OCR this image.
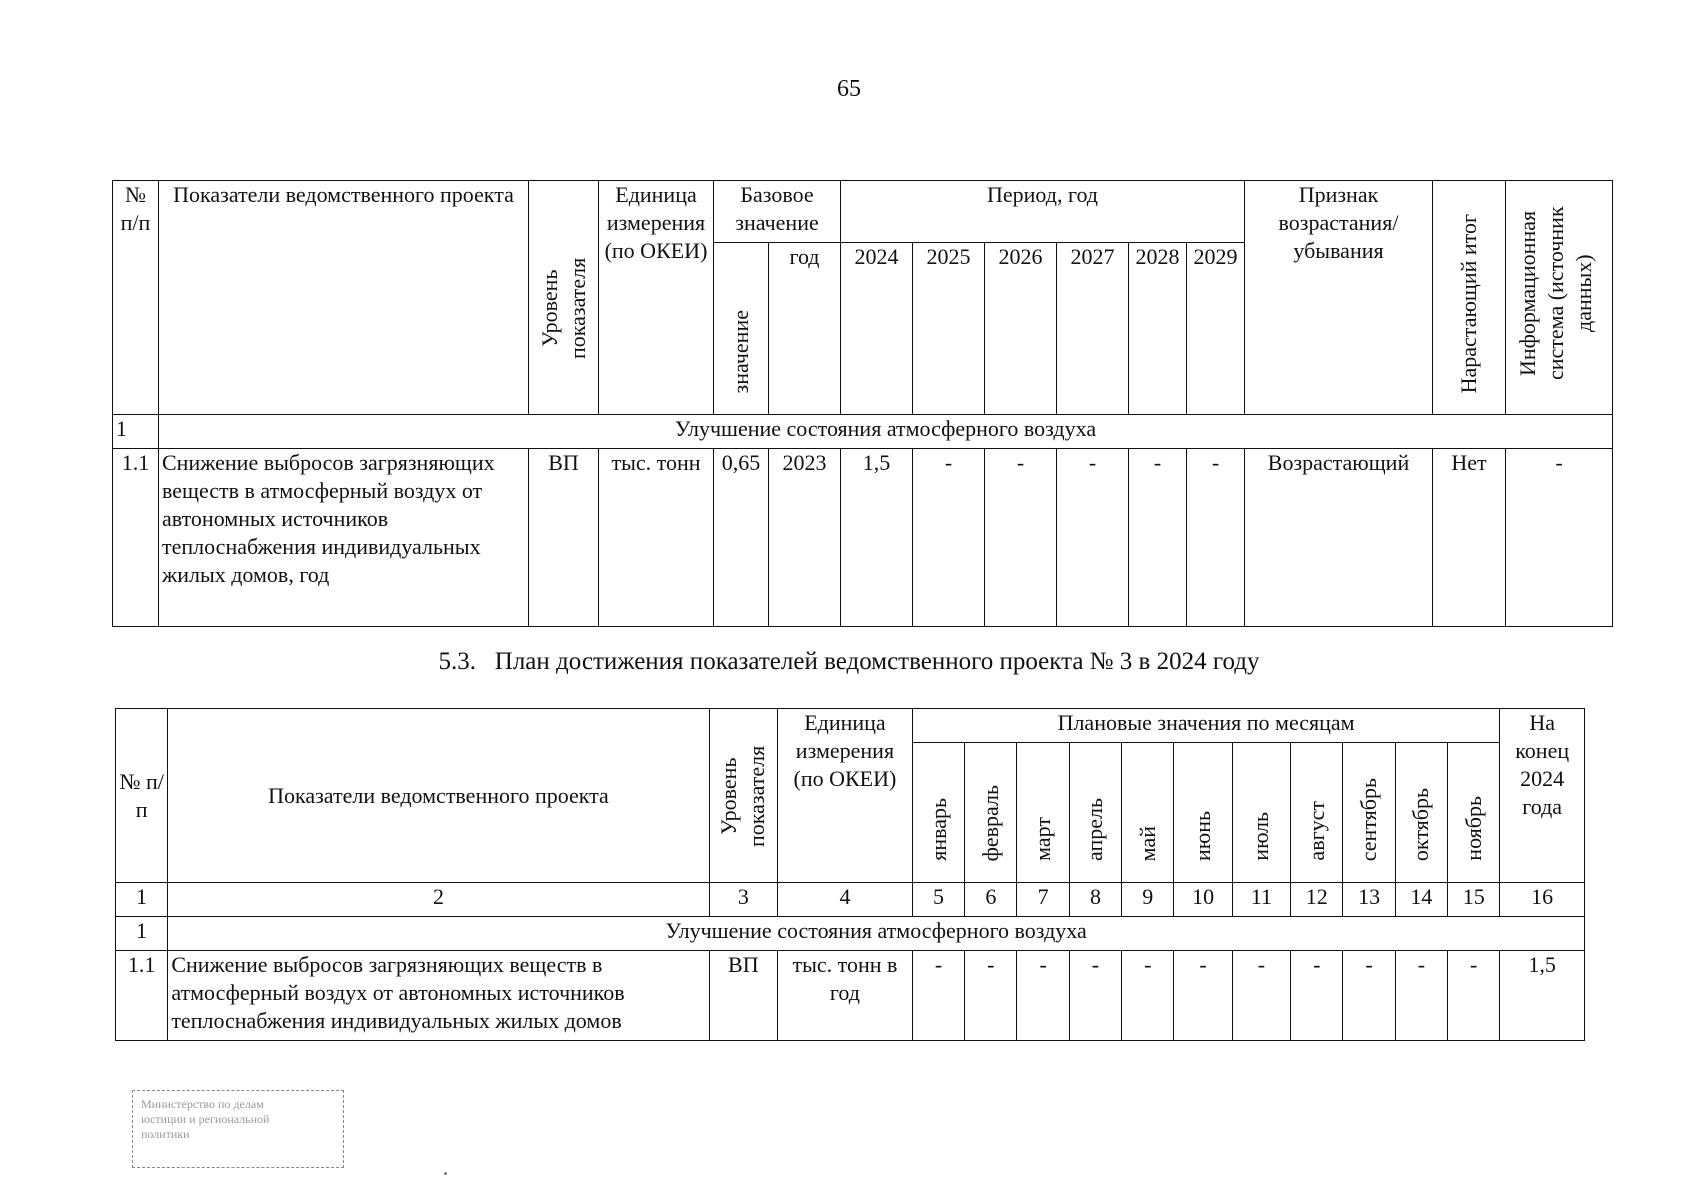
65
№ п/п	Показатели ведомственного проекта	Уровень показателя	Единица измерения (по ОКЕИ)	Базовое значение		Период, год						Признак возрастания/ убывания	Нарастающий итог	Информационная система (источник данных)
				значение	год	2024	2025	2026	2027	2028	2029			
1	Улучшение состояния атмосферного воздуха													
1.1	Снижение выбросов загрязняющих веществ в атмосферный воздух от автономных источников теплоснабжения индивидуальных жилых домов, год	ВП	тыс. тонн	0,65	2023	1,5	-	-	-	-	-	Возрастающий	Нет	-
5.3.   План достижения показателей ведомственного проекта № 3 в 2024 году
№ п/п	Показатели ведомственного проекта	Уровень показателя	Единица измерения (по ОКЕИ)	Плановые значения по месяцам											На конец 2024 года
				январь	февраль	март	апрель	май	июнь	июль	август	сентябрь	октябрь	ноябрь	
1	2	3	4	5	6	7	8	9	10	11	12	13	14	15	16
1	Улучшение состояния атмосферного воздуха														
1.1	Снижение выбросов загрязняющих веществ в атмосферный воздух от автономных источников теплоснабжения индивидуальных жилых домов	ВП	тыс. тонн в год	-	-	-	-	-	-	-	-	-	-	-	1,5
Министерство по делам
юстиции и региональной
политики
